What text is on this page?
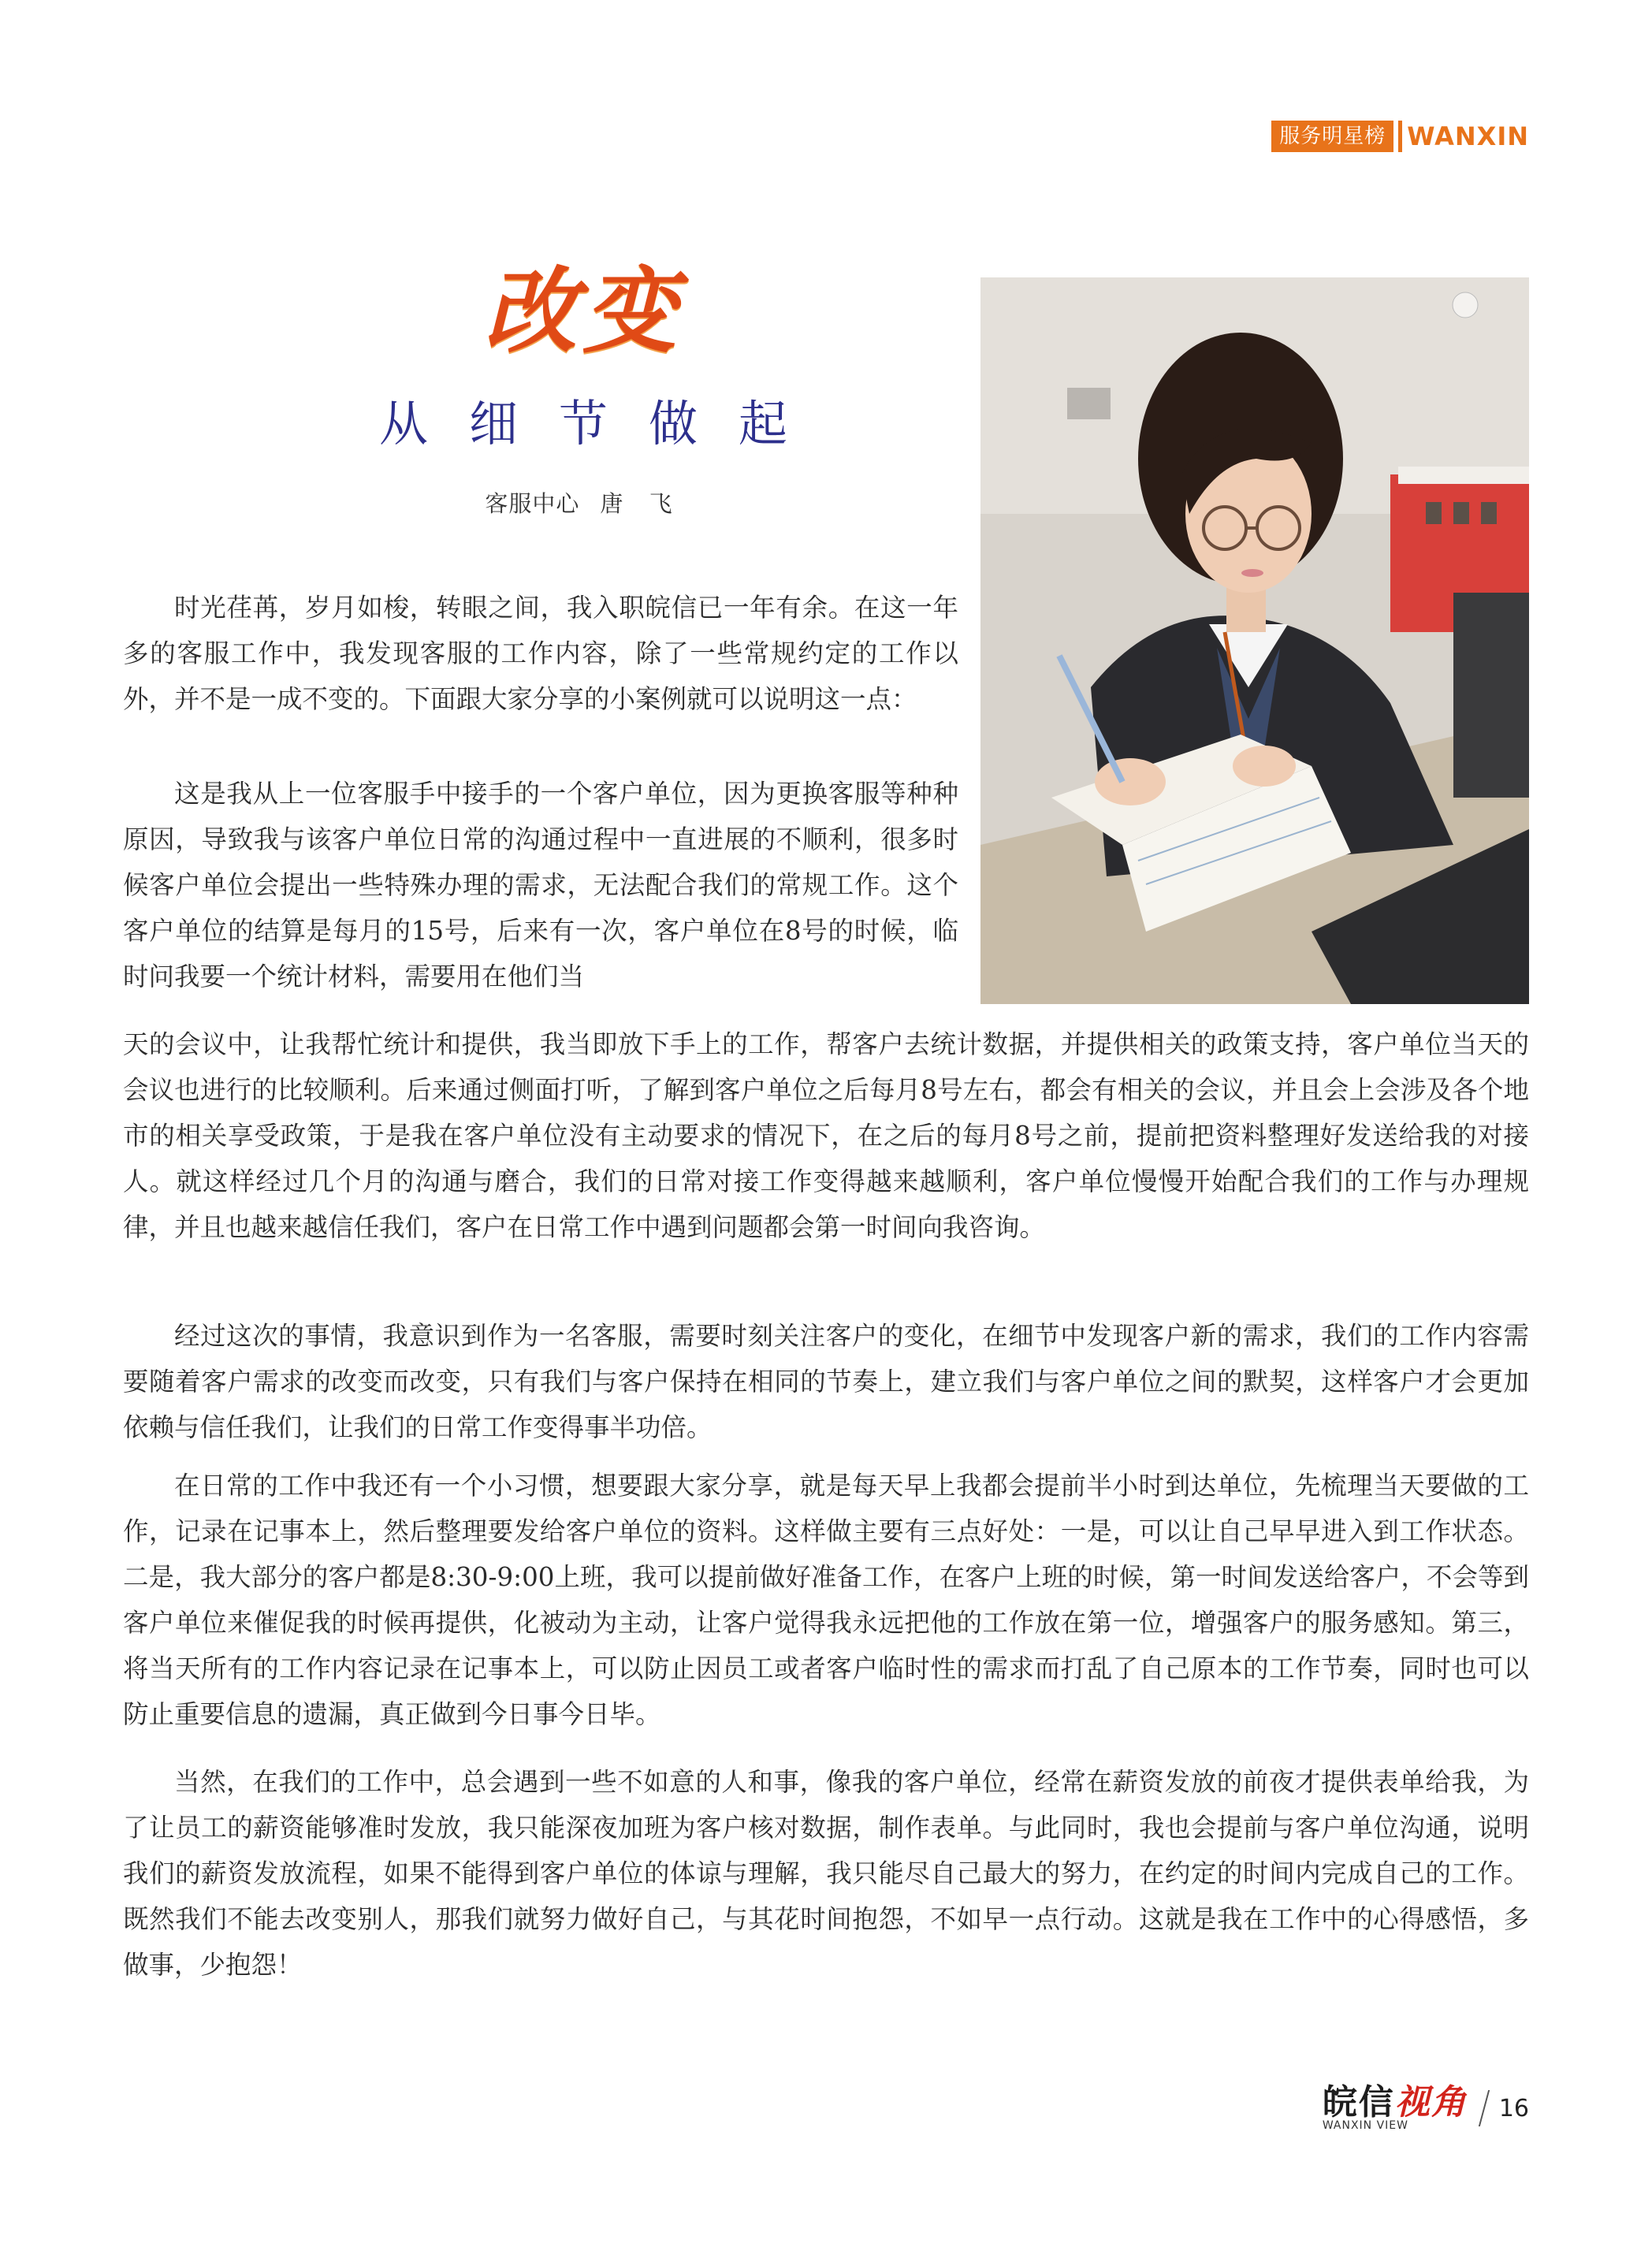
服务明星榜 WANXIN
改变
从细节做起
客服中心 唐 飞

时光荏苒，岁月如梭，转眼之间，我入职皖信已一年有余。在这一年多的客服工作中，我发现客服的工作内容，除了一些常规约定的工作以外，并不是一成不变的。下面跟大家分享的小案例就可以说明这一点：

这是我从上一位客服手中接手的一个客户单位，因为更换客服等种种原因，导致我与该客户单位日常的沟通过程中一直进展的不顺利，很多时候客户单位会提出一些特殊办理的需求，无法配合我们的常规工作。这个客户单位的结算是每月的15号，后来有一次，客户单位在8号的时候，临时问我要一个统计材料，需要用在他们当

天的会议中，让我帮忙统计和提供，我当即放下手上的工作，帮客户去统计数据，并提供相关的政策支持，客户单位当天的会议也进行的比较顺利。后来通过侧面打听，了解到客户单位之后每月8号左右，都会有相关的会议，并且会上会涉及各个地市的相关享受政策，于是我在客户单位没有主动要求的情况下，在之后的每月8号之前，提前把资料整理好发送给我的对接人。就这样经过几个月的沟通与磨合，我们的日常对接工作变得越来越顺利，客户单位慢慢开始配合我们的工作与办理规律，并且也越来越信任我们，客户在日常工作中遇到问题都会第一时间向我咨询。

经过这次的事情，我意识到作为一名客服，需要时刻关注客户的变化，在细节中发现客户新的需求，我们的工作内容需要随着客户需求的改变而改变，只有我们与客户保持在相同的节奏上，建立我们与客户单位之间的默契，这样客户才会更加依赖与信任我们，让我们的日常工作变得事半功倍。

在日常的工作中我还有一个小习惯，想要跟大家分享，就是每天早上我都会提前半小时到达单位，先梳理当天要做的工作，记录在记事本上，然后整理要发给客户单位的资料。这样做主要有三点好处：一是，可以让自己早早进入到工作状态。二是，我大部分的客户都是8:30-9:00上班，我可以提前做好准备工作，在客户上班的时候，第一时间发送给客户，不会等到客户单位来催促我的时候再提供，化被动为主动，让客户觉得我永远把他的工作放在第一位，增强客户的服务感知。第三，将当天所有的工作内容记录在记事本上，可以防止因员工或者客户临时性的需求而打乱了自己原本的工作节奏，同时也可以防止重要信息的遗漏，真正做到今日事今日毕。

当然，在我们的工作中，总会遇到一些不如意的人和事，像我的客户单位，经常在薪资发放的前夜才提供表单给我，为了让员工的薪资能够准时发放，我只能深夜加班为客户核对数据，制作表单。与此同时，我也会提前与客户单位沟通，说明我们的薪资发放流程，如果不能得到客户单位的体谅与理解，我只能尽自己最大的努力，在约定的时间内完成自己的工作。既然我们不能去改变别人，那我们就努力做好自己，与其花时间抱怨，不如早一点行动。这就是我在工作中的心得感悟，多做事，少抱怨！

皖信视角
WANXIN VIEW
16
